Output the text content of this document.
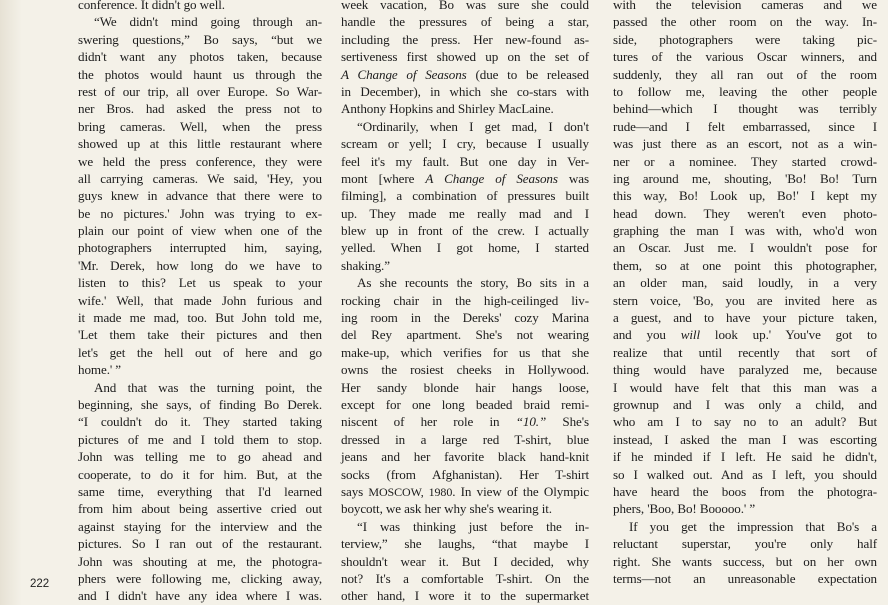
conference. It didn't go well.
“We didn't mind going through an-
swering questions,” Bo says, “but we
didn't want any photos taken, because
the photos would haunt us through the
rest of our trip, all over Europe. So War-
ner Bros. had asked the press not to
bring cameras. Well, when the press
showed up at this little restaurant where
we held the press conference, they were
all carrying cameras. We said, 'Hey, you
guys knew in advance that there were to
be no pictures.' John was trying to ex-
plain our point of view when one of the
photographers interrupted him, saying,
'Mr. Derek, how long do we have to
listen to this? Let us speak to your
wife.' Well, that made John furious and
it made me mad, too. But John told me,
'Let them take their pictures and then
let's get the hell out of here and go
home.' ”
And that was the turning point, the
beginning, she says, of finding Bo Derek.
“I couldn't do it. They started taking
pictures of me and I told them to stop.
John was telling me to go ahead and
cooperate, to do it for him. But, at the
same time, everything that I'd learned
from him about being assertive cried out
against staying for the interview and the
pictures. So I ran out of the restaurant.
John was shouting at me, the photogra-
phers were following me, clicking away,
and I didn't have any idea where I was.
week vacation, Bo was sure she could
handle the pressures of being a star,
including the press. Her new-found as-
sertiveness first showed up on the set of
A Change of Seasons (due to be released
in December), in which she co-stars with
Anthony Hopkins and Shirley MacLaine.
“Ordinarily, when I get mad, I don't
scream or yell; I cry, because I usually
feel it's my fault. But one day in Ver-
mont [where A Change of Seasons was
filming], a combination of pressures built
up. They made me really mad and I
blew up in front of the crew. I actually
yelled. When I got home, I started
shaking.”
As she recounts the story, Bo sits in a
rocking chair in the high-ceilinged liv-
ing room in the Dereks' cozy Marina
del Rey apartment. She's not wearing
make-up, which verifies for us that she
owns the rosiest cheeks in Hollywood.
Her sandy blonde hair hangs loose,
except for one long beaded braid remi-
niscent of her role in “10.” She's
dressed in a large red T-shirt, blue
jeans and her favorite black hand-knit
socks (from Afghanistan). Her T-shirt
says MOSCOW, 1980. In view of the Olympic
boycott, we ask her why she's wearing it.
“I was thinking just before the in-
terview,” she laughs, “that maybe I
shouldn't wear it. But I decided, why
not? It's a comfortable T-shirt. On the
other hand, I wore it to the supermarket
with the television cameras and we
passed the other room on the way. In-
side, photographers were taking pic-
tures of the various Oscar winners, and
suddenly, they all ran out of the room
to follow me, leaving the other people
behind—which I thought was terribly
rude—and I felt embarrassed, since I
was just there as an escort, not as a win-
ner or a nominee. They started crowd-
ing around me, shouting, 'Bo! Bo! Turn
this way, Bo! Look up, Bo!' I kept my
head down. They weren't even photo-
graphing the man I was with, who'd won
an Oscar. Just me. I wouldn't pose for
them, so at one point this photographer,
an older man, said loudly, in a very
stern voice, 'Bo, you are invited here as
a guest, and to have your picture taken,
and you will look up.' You've got to
realize that until recently that sort of
thing would have paralyzed me, because
I would have felt that this man was a
grownup and I was only a child, and
who am I to say no to an adult? But
instead, I asked the man I was escorting
if he minded if I left. He said he didn't,
so I walked out. And as I left, you should
have heard the boos from the photogra-
phers, 'Boo, Bo! Booooo.' ”
If you get the impression that Bo's a
reluctant superstar, you're only half
right. She wants success, but on her own
terms—not an unreasonable expectation
222
